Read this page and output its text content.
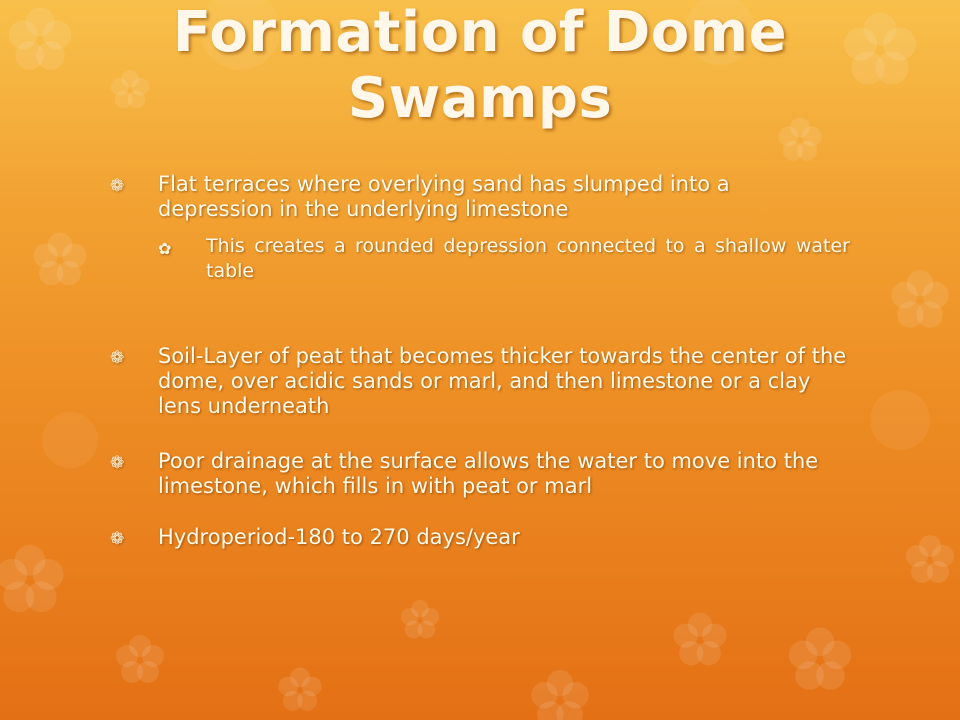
Formation of Dome Swamps
❁ Flat terraces where overlying sand has slumped into a depression in the underlying limestone
✿ This creates a rounded depression connected to a shallow water table
❁ Soil-Layer of peat that becomes thicker towards the center of the dome, over acidic sands or marl, and then limestone or a clay lens underneath
❁ Poor drainage at the surface allows the water to move into the limestone, which fills in with peat or marl
❁ Hydroperiod-180 to 270 days/year
